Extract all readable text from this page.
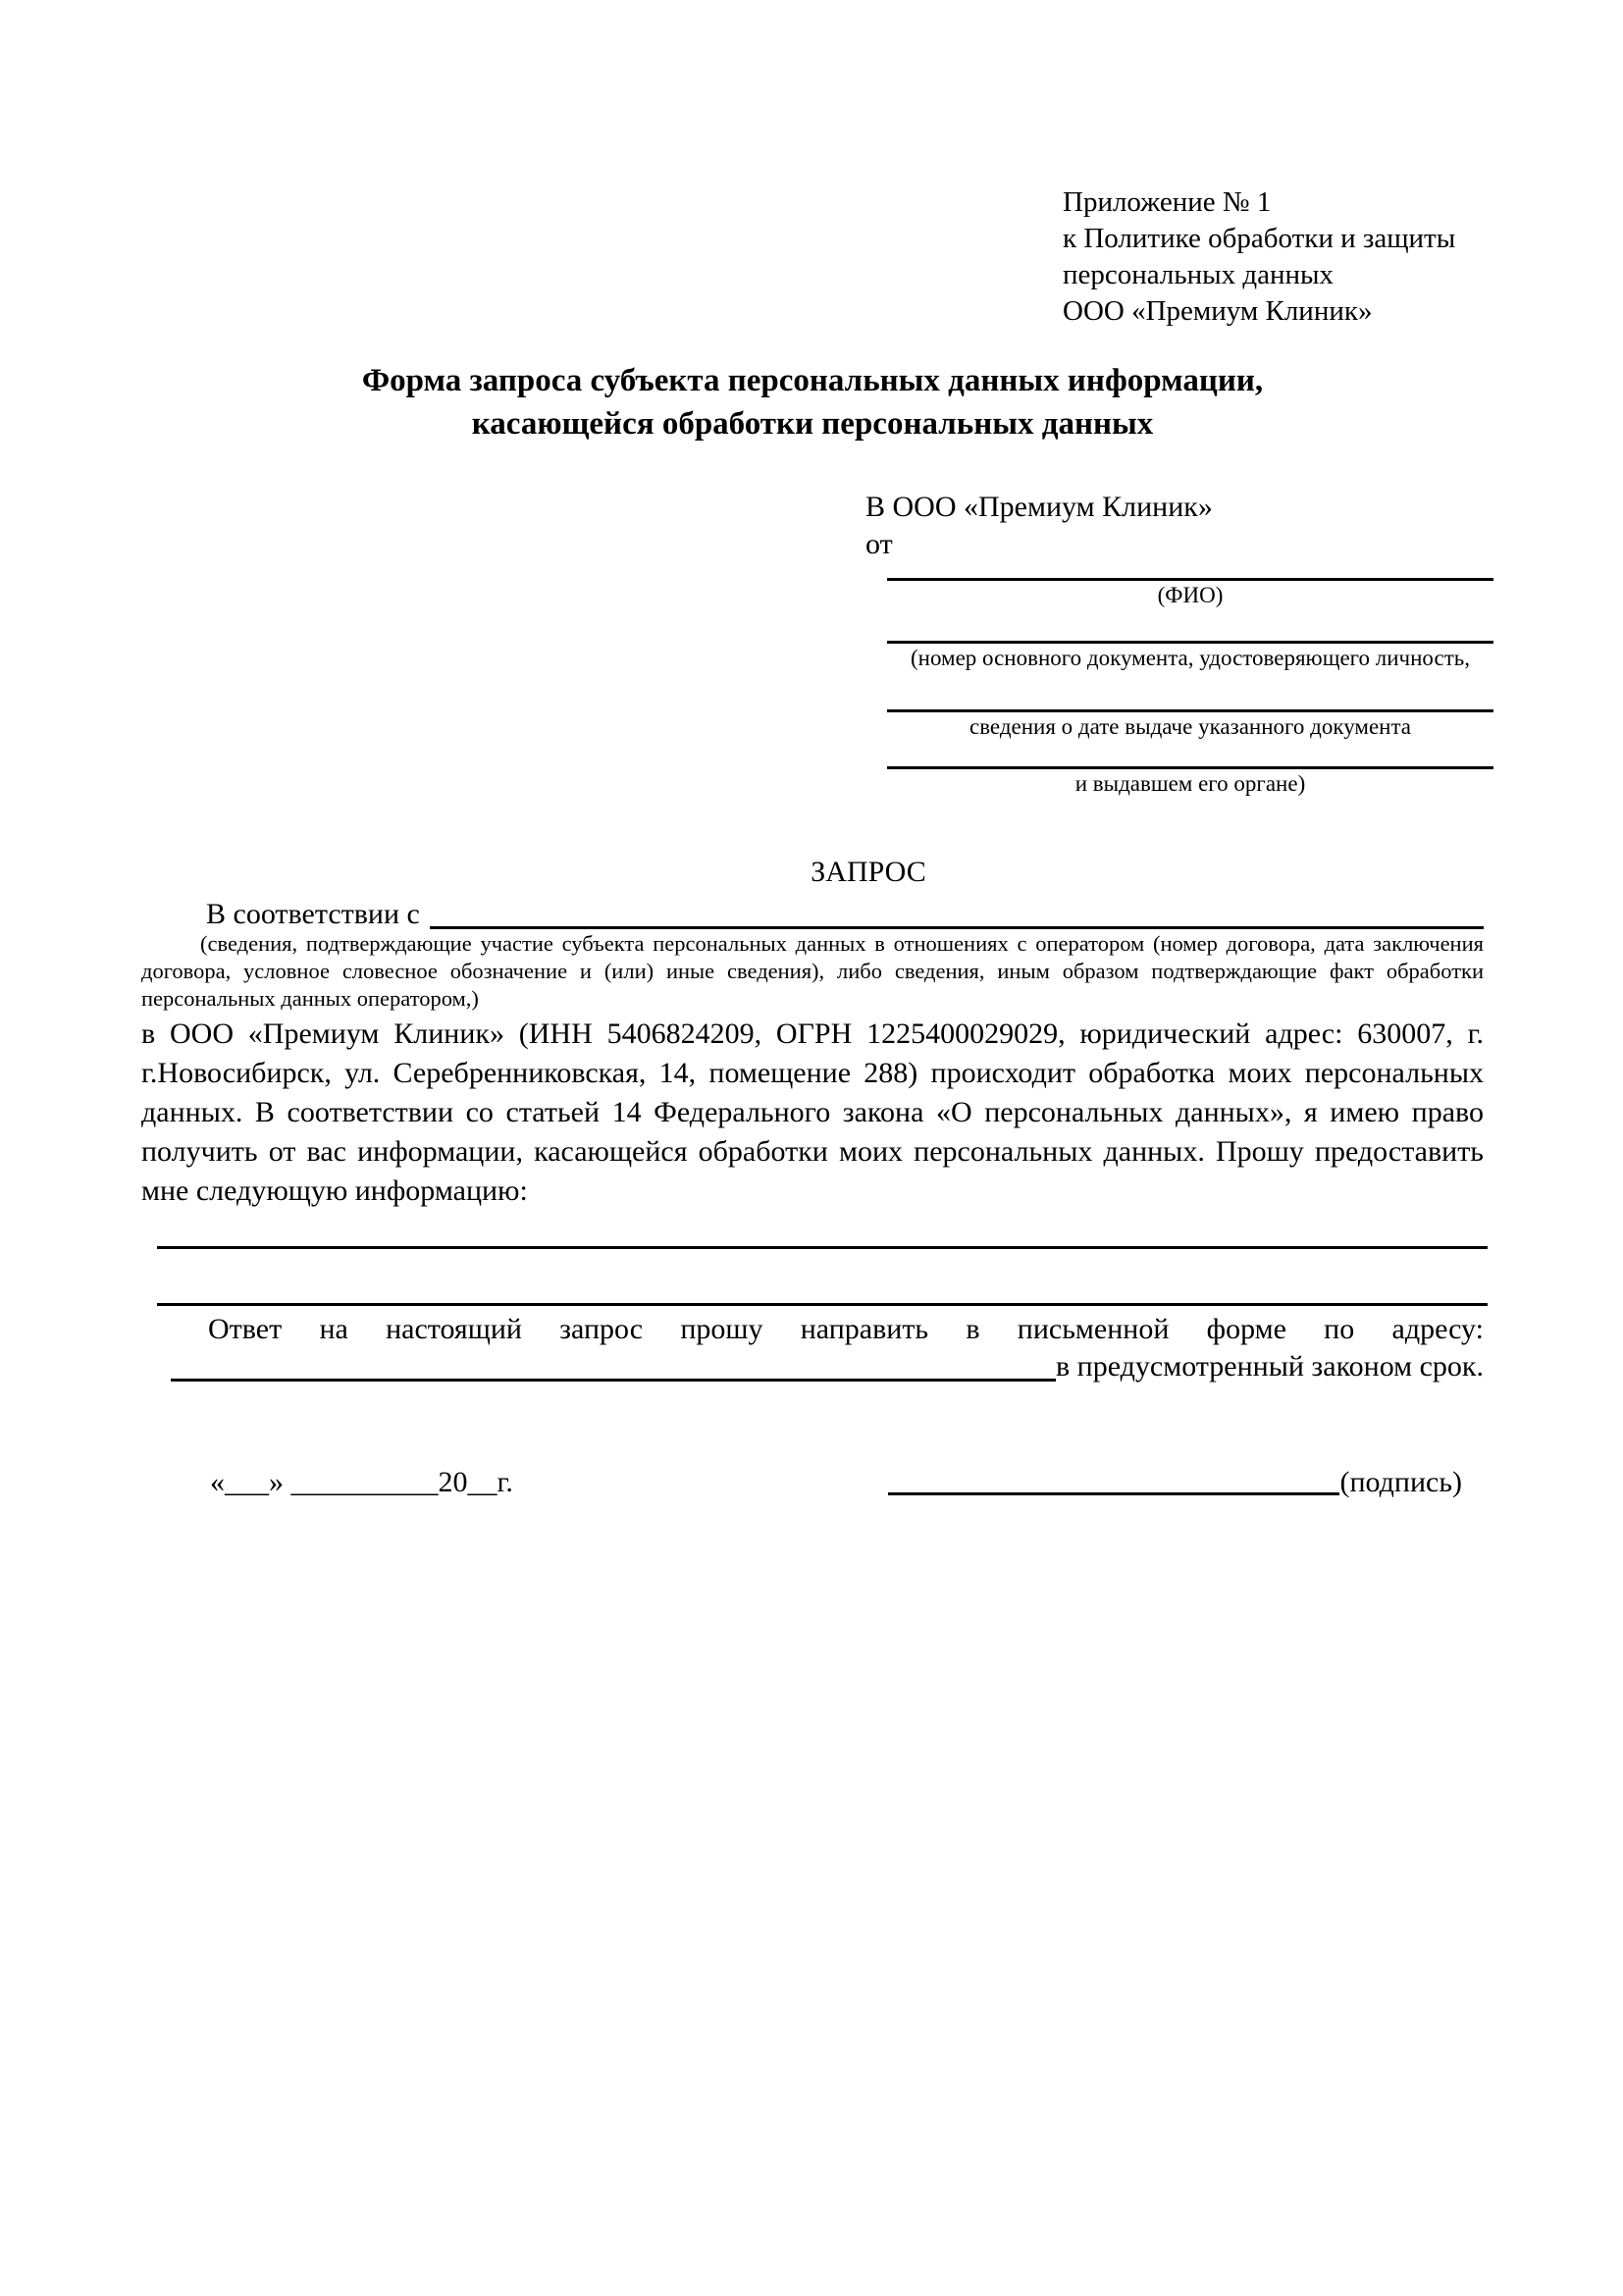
Приложение № 1
к Политике обработки и защиты
персональных данных
ООО «Премиум Клиник»
Форма запроса субъекта персональных данных информации,
касающейся обработки персональных данных
В ООО «Премиум Клиник»
от
(ФИО)
(номер основного документа, удостоверяющего личность,
сведения о дате выдаче указанного документа
и выдавшем его органе)
ЗАПРОС
В соответствии с
(сведения, подтверждающие участие субъекта персональных данных в отношениях с оператором (номер договора, дата заключения договора, условное словесное обозначение и (или) иные сведения), либо сведения, иным образом подтверждающие факт обработки персональных данных оператором,)
в ООО «Премиум Клиник» (ИНН 5406824209, ОГРН 1225400029029, юридический адрес: 630007, г. г.Новосибирск, ул. Серебренниковская, 14, помещение 288) происходит обработка моих персональных данных. В соответствии со статьей 14 Федерального закона «О персональных данных», я имею право получить от вас информации, касающейся обработки моих персональных данных. Прошу предоставить мне следующую информацию:
Ответ на настоящий запрос прошу направить в письменной форме по адресу:
в предусмотренный законом срок.
«___» __________20__г.	(подпись)
